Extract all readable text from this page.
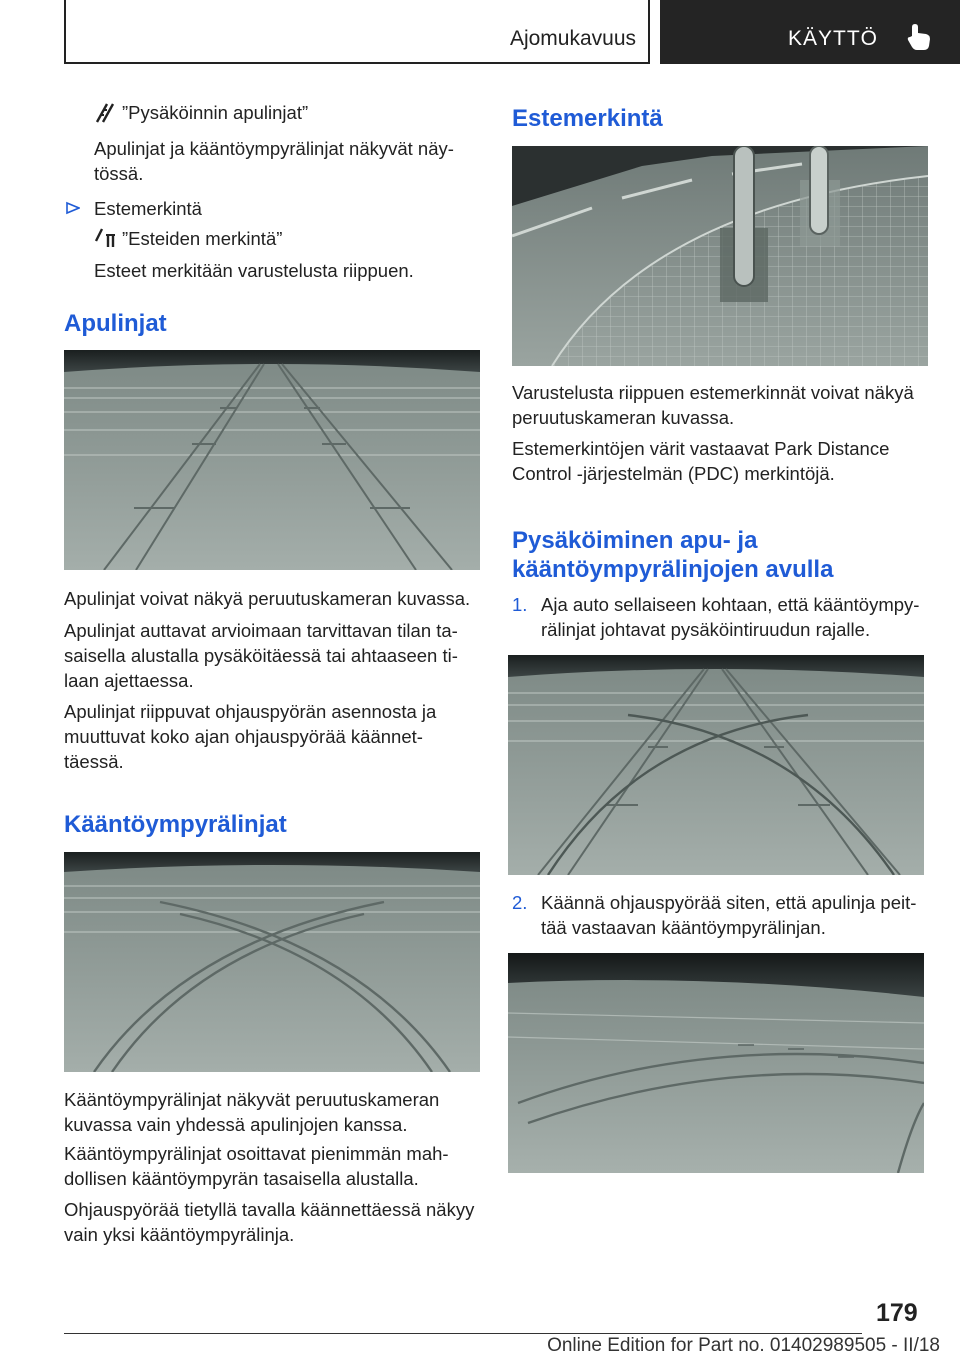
Ajomukavuus	KÄYTTÖ

”Pysäköinnin apulinjat”

Apulinjat ja kääntöympyrälinjat näkyvät näy-tössä.

Estemerkintä

”Esteiden merkintä”

Esteet merkitään varustelusta riippuen.

Apulinjat

Apulinjat voivat näkyä peruutuskameran kuvassa.

Apulinjat auttavat arvioimaan tarvittavan tilan ta-saisella alustalla pysäköitäessä tai ahtaaseen ti-laan ajettaessa.

Apulinjat riippuvat ohjauspyörän asennosta ja muuttuvat koko ajan ohjauspyörää käännet-täessä.

Kääntöympyrälinjat

Kääntöympyrälinjat näkyvät peruutuskameran kuvassa vain yhdessä apulinjojen kanssa.

Kääntöympyrälinjat osoittavat pienimmän mah-dollisen kääntöympyrän tasaisella alustalla.

Ohjauspyörää tietyllä tavalla käännettäessä näkyy vain yksi kääntöympyrälinja.

Estemerkintä

Varustelusta riippuen estemerkinnät voivat näkyä peruutuskameran kuvassa.

Estemerkintöjen värit vastaavat Park Distance Control -järjestelmän (PDC) merkintöjä.

Pysäköiminen apu- ja
kääntöympyrälinjojen avulla

1. Aja auto sellaiseen kohtaan, että kääntöympy-rälinjat johtavat pysäköintiruudun rajalle.

2. Käännä ohjauspyörää siten, että apulinja peit-tää vastaavan kääntöympyrälinjan.

179
Online Edition for Part no. 01402989505 - II/18
